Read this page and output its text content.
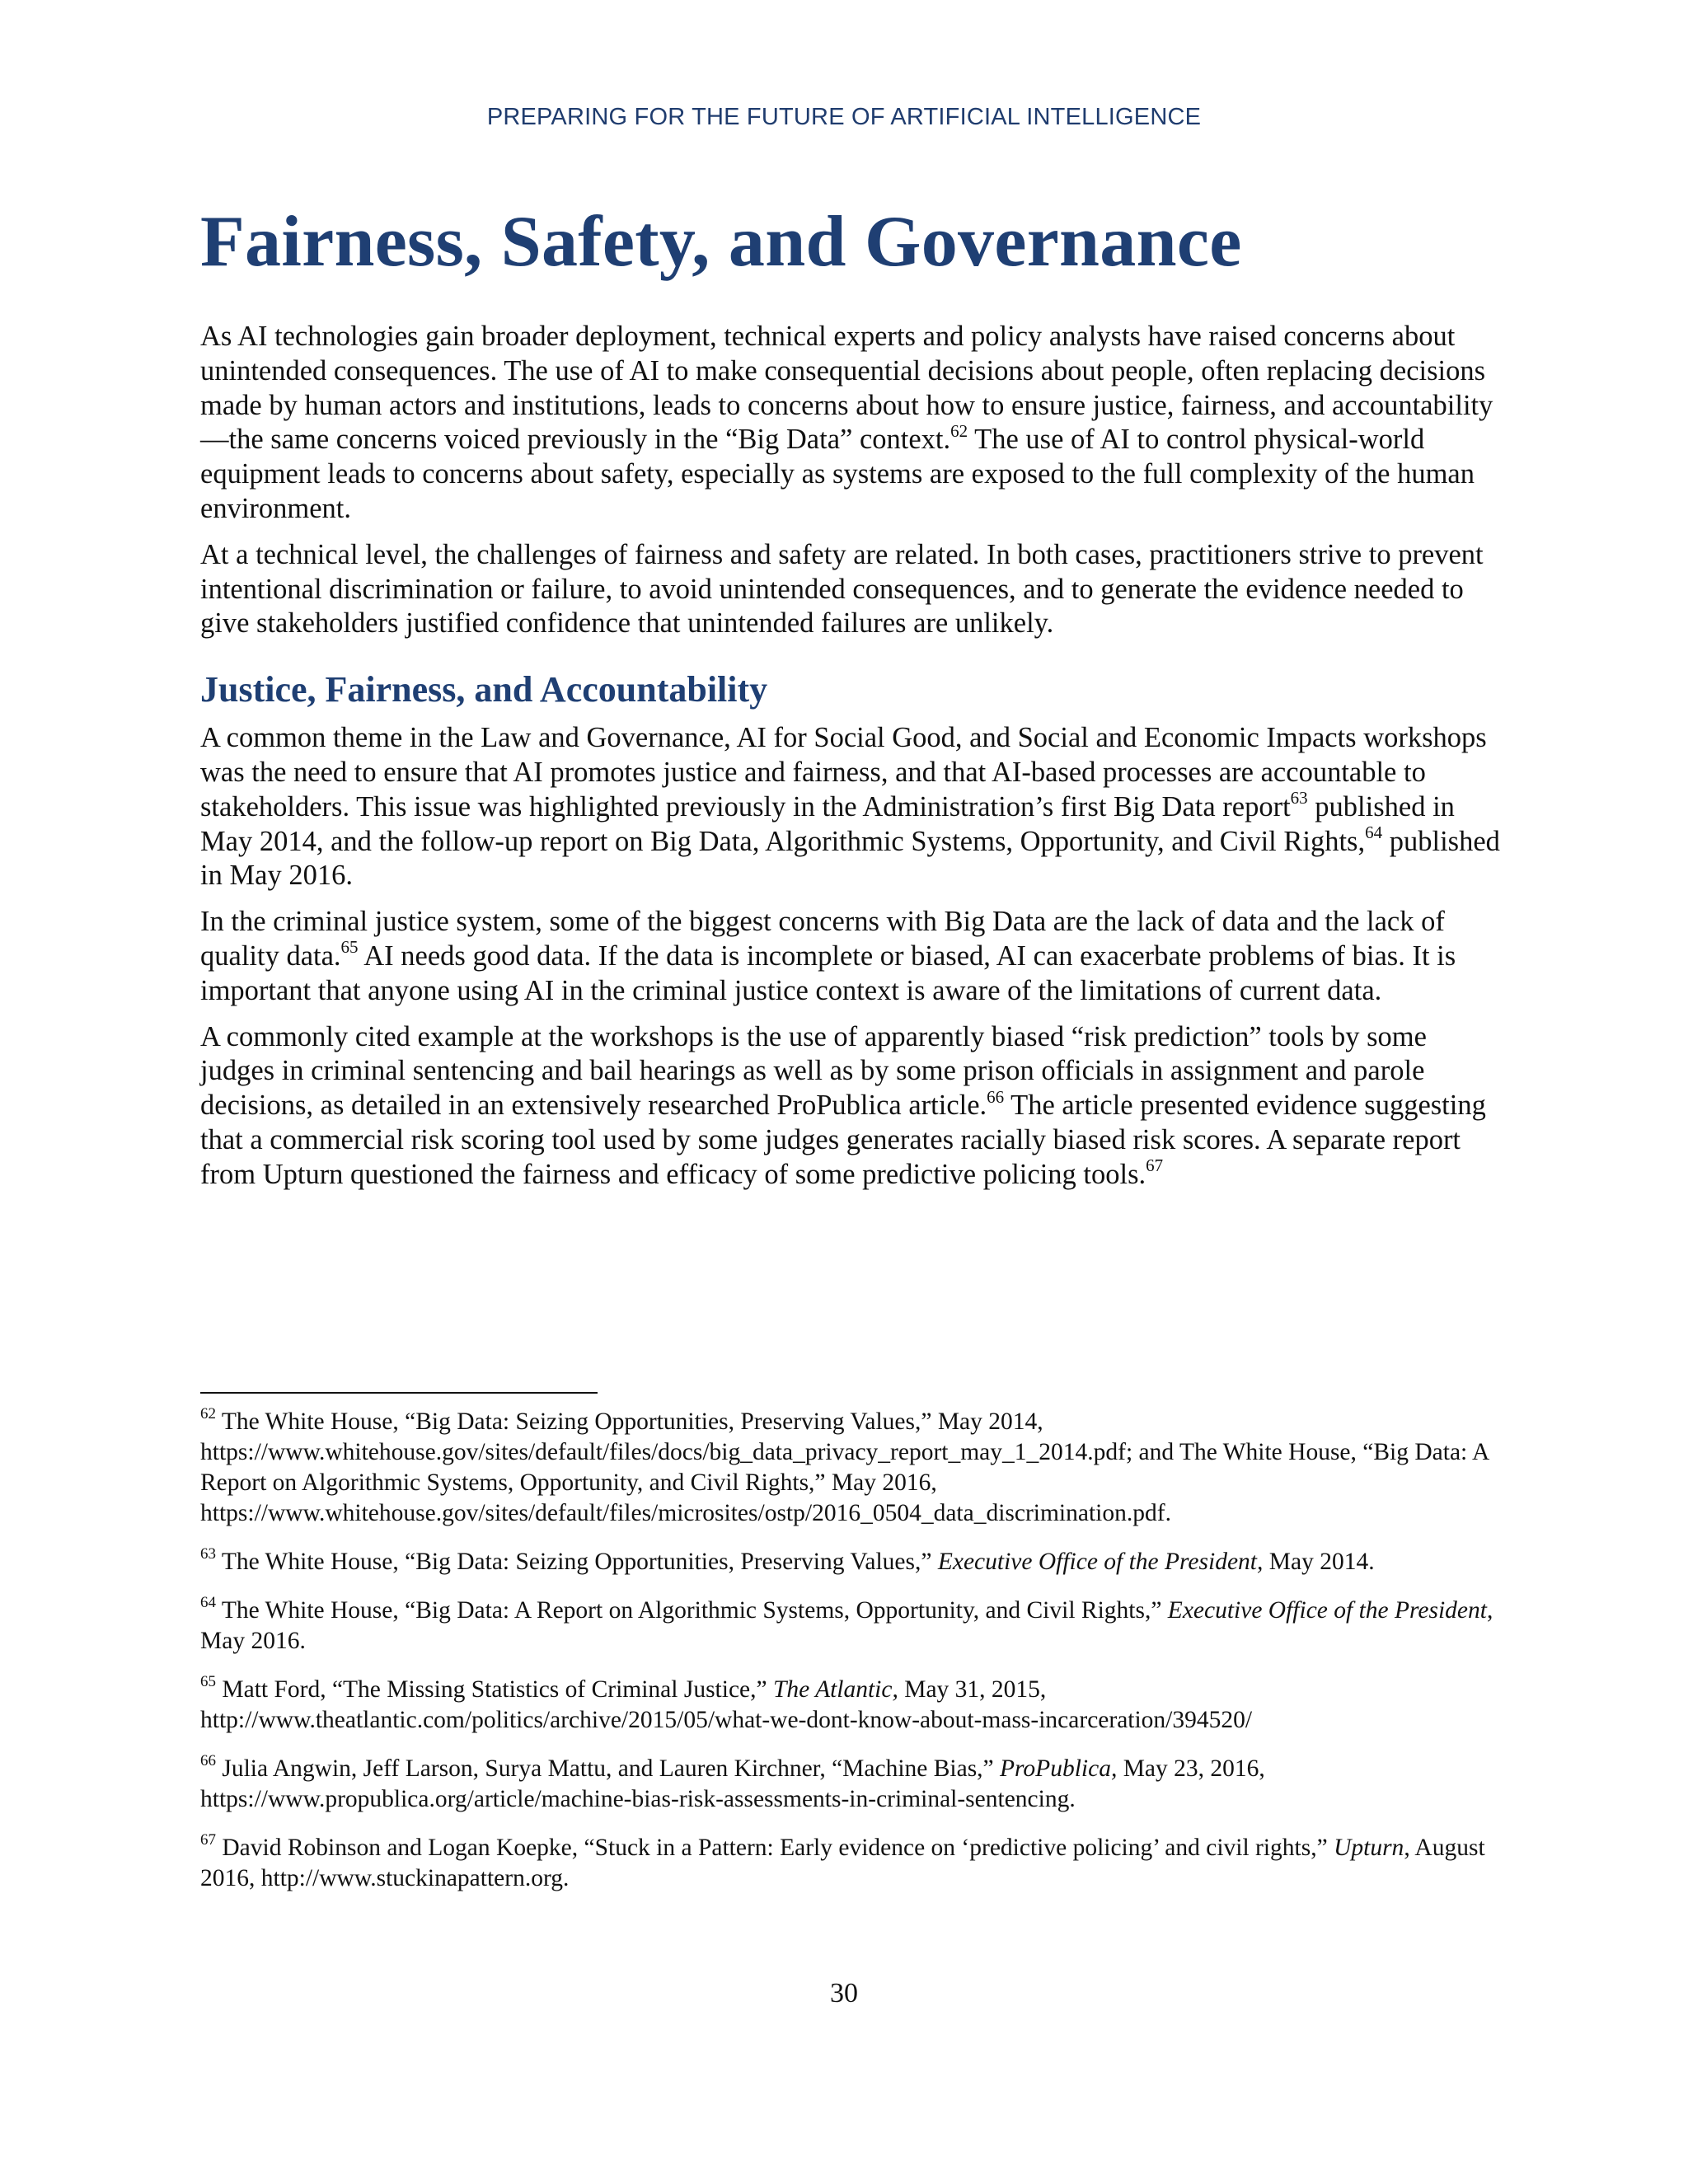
PREPARING FOR THE FUTURE OF ARTIFICIAL INTELLIGENCE
Fairness, Safety, and Governance

As AI technologies gain broader deployment, technical experts and policy analysts have raised concerns about unintended consequences. The use of AI to make consequential decisions about people, often replacing decisions made by human actors and institutions, leads to concerns about how to ensure justice, fairness, and accountability—the same concerns voiced previously in the “Big Data” context.$^{62}$ The use of AI to control physical-world equipment leads to concerns about safety, especially as systems are exposed to the full complexity of the human environment.

At a technical level, the challenges of fairness and safety are related. In both cases, practitioners strive to prevent intentional discrimination or failure, to avoid unintended consequences, and to generate the evidence needed to give stakeholders justified confidence that unintended failures are unlikely.

Justice, Fairness, and Accountability

A common theme in the Law and Governance, AI for Social Good, and Social and Economic Impacts workshops was the need to ensure that AI promotes justice and fairness, and that AI-based processes are accountable to stakeholders. This issue was highlighted previously in the Administration’s first Big Data report$^{63}$ published in May 2014, and the follow-up report on Big Data, Algorithmic Systems, Opportunity, and Civil Rights,$^{64}$ published in May 2016.

In the criminal justice system, some of the biggest concerns with Big Data are the lack of data and the lack of quality data.$^{65}$ AI needs good data. If the data is incomplete or biased, AI can exacerbate problems of bias. It is important that anyone using AI in the criminal justice context is aware of the limitations of current data.

A commonly cited example at the workshops is the use of apparently biased “risk prediction” tools by some judges in criminal sentencing and bail hearings as well as by some prison officials in assignment and parole decisions, as detailed in an extensively researched ProPublica article.$^{66}$ The article presented evidence suggesting that a commercial risk scoring tool used by some judges generates racially biased risk scores. A separate report from Upturn questioned the fairness and efficacy of some predictive policing tools.$^{67}$

$^{62}$ The White House, “Big Data: Seizing Opportunities, Preserving Values,” May 2014, https://www.whitehouse.gov/sites/default/files/docs/big_data_privacy_report_may_1_2014.pdf; and The White House, “Big Data: A Report on Algorithmic Systems, Opportunity, and Civil Rights,” May 2016, https://www.whitehouse.gov/sites/default/files/microsites/ostp/2016_0504_data_discrimination.pdf.

$^{63}$ The White House, “Big Data: Seizing Opportunities, Preserving Values,” Executive Office of the President, May 2014.

$^{64}$ The White House, “Big Data: A Report on Algorithmic Systems, Opportunity, and Civil Rights,” Executive Office of the President, May 2016.

$^{65}$ Matt Ford, “The Missing Statistics of Criminal Justice,” The Atlantic, May 31, 2015, http://www.theatlantic.com/politics/archive/2015/05/what-we-dont-know-about-mass-incarceration/394520/

$^{66}$ Julia Angwin, Jeff Larson, Surya Mattu, and Lauren Kirchner, “Machine Bias,” ProPublica, May 23, 2016, https://www.propublica.org/article/machine-bias-risk-assessments-in-criminal-sentencing.

$^{67}$ David Robinson and Logan Koepke, “Stuck in a Pattern: Early evidence on ‘predictive policing’ and civil rights,” Upturn, August 2016, http://www.stuckinapattern.org.

30
